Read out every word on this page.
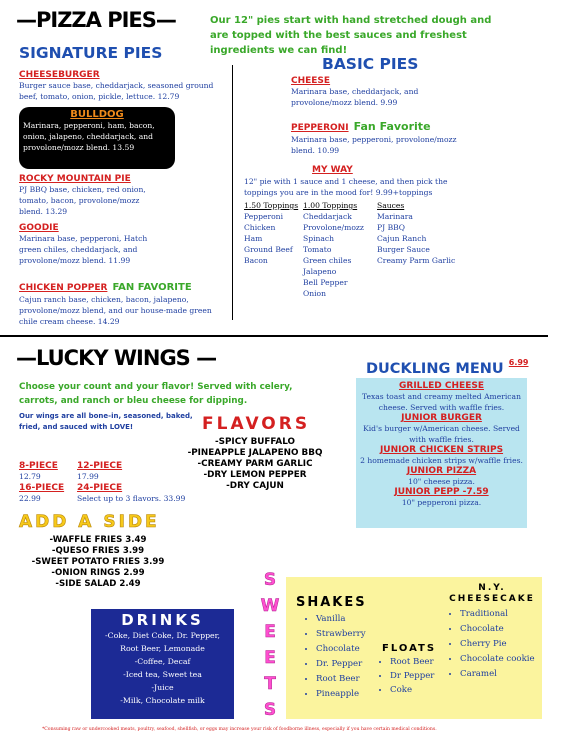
—PIZZA PIES—	Our 12" pies start with hand stretched dough and are topped with the best sauces and freshest ingredients we can find!
SIGNATURE PIES
CHEESEBURGER
Burger sauce base, cheddarjack, seasoned ground beef, tomato, onion, pickle, lettuce. 12.79
BULLDOG
Marinara, pepperoni, ham, bacon, onion, jalapeno, cheddarjack, and provolone/mozz blend. 13.59
ROCKY MOUNTAIN PIE
PJ BBQ base, chicken, red onion, tomato, bacon, provolone/mozz blend. 13.29
GOODIE
Marinara base, pepperoni, Hatch green chiles, cheddarjack, and provolone/mozz blend. 11.99
CHICKEN POPPER FAN FAVORITE
Cajun ranch base, chicken, bacon, jalapeno, provolone/mozz blend, and our house-made green chile cream cheese. 14.29
BASIC PIES
CHEESE
Marinara base, cheddarjack, and provolone/mozz blend. 9.99
PEPPERONI Fan Favorite
Marinara base, pepperoni, provolone/mozz blend. 10.99
MY WAY
12" pie with 1 sauce and 1 cheese, and then pick the toppings you are in the mood for! 9.99+toppings
1.50 Toppings
Pepperoni
Chicken
Ham
Ground Beef
Bacon
1.00 Toppings
Cheddarjack
Provolone/mozz
Spinach
Tomato
Green chiles
Jalapeno
Bell Pepper
Onion
Sauces
Marinara
PJ BBQ
Cajun Ranch
Burger Sauce
Creamy Parm Garlic
—LUCKY WINGS —
Choose your count and your flavor! Served with celery, carrots, and ranch or bleu cheese for dipping.
Our wings are all bone-in, seasoned, baked, fried, and sauced with LOVE!	FLAVORS
-SPICY BUFFALO
-PINEAPPLE JALAPENO BBQ
-CREAMY PARM GARLIC
-DRY LEMON PEPPER
-DRY CAJUN
8-PIECE
12.79
12-PIECE
17.99
16-PIECE
22.99
24-PIECE
Select up to 3 flavors. 33.99
DUCKLING MENU $^{6.99}$
GRILLED CHEESE
Texas toast and creamy melted American cheese. Served with waffle fries.
JUNIOR BURGER
Kid's burger w/American cheese. Served with waffle fries.
JUNIOR CHICKEN STRIPS
2 homemade chicken strips w/waffle fries.
JUNIOR PIZZA
10" cheese pizza.
JUNIOR PEPP -7.59
10" pepperoni pizza.
ADD A SIDE
-WAFFLE FRIES 3.49
-QUESO FRIES 3.99
-SWEET POTATO FRIES 3.99
-ONION RINGS 2.99
-SIDE SALAD 2.49
DRINKS
-Coke, Diet Coke, Dr. Pepper,
Root Beer, Lemonade
-Coffee, Decaf
-Iced tea, Sweet tea
-Juice
-Milk, Chocolate milk
S
W
E
E
T
S
SHAKES
• Vanilla
• Strawberry
• Chocolate
• Dr. Pepper
• Root Beer
• Pineapple
FLOATS
• Root Beer
• Dr Pepper
• Coke
N.Y.
CHEESECAKE
• Traditional
• Chocolate
• Cherry Pie
• Chocolate cookie
• Caramel
*Consuming raw or undercooked meats, poultry, seafood, shellfish, or eggs may increase your risk of foodborne illness, especially if you have certain medical conditions.
